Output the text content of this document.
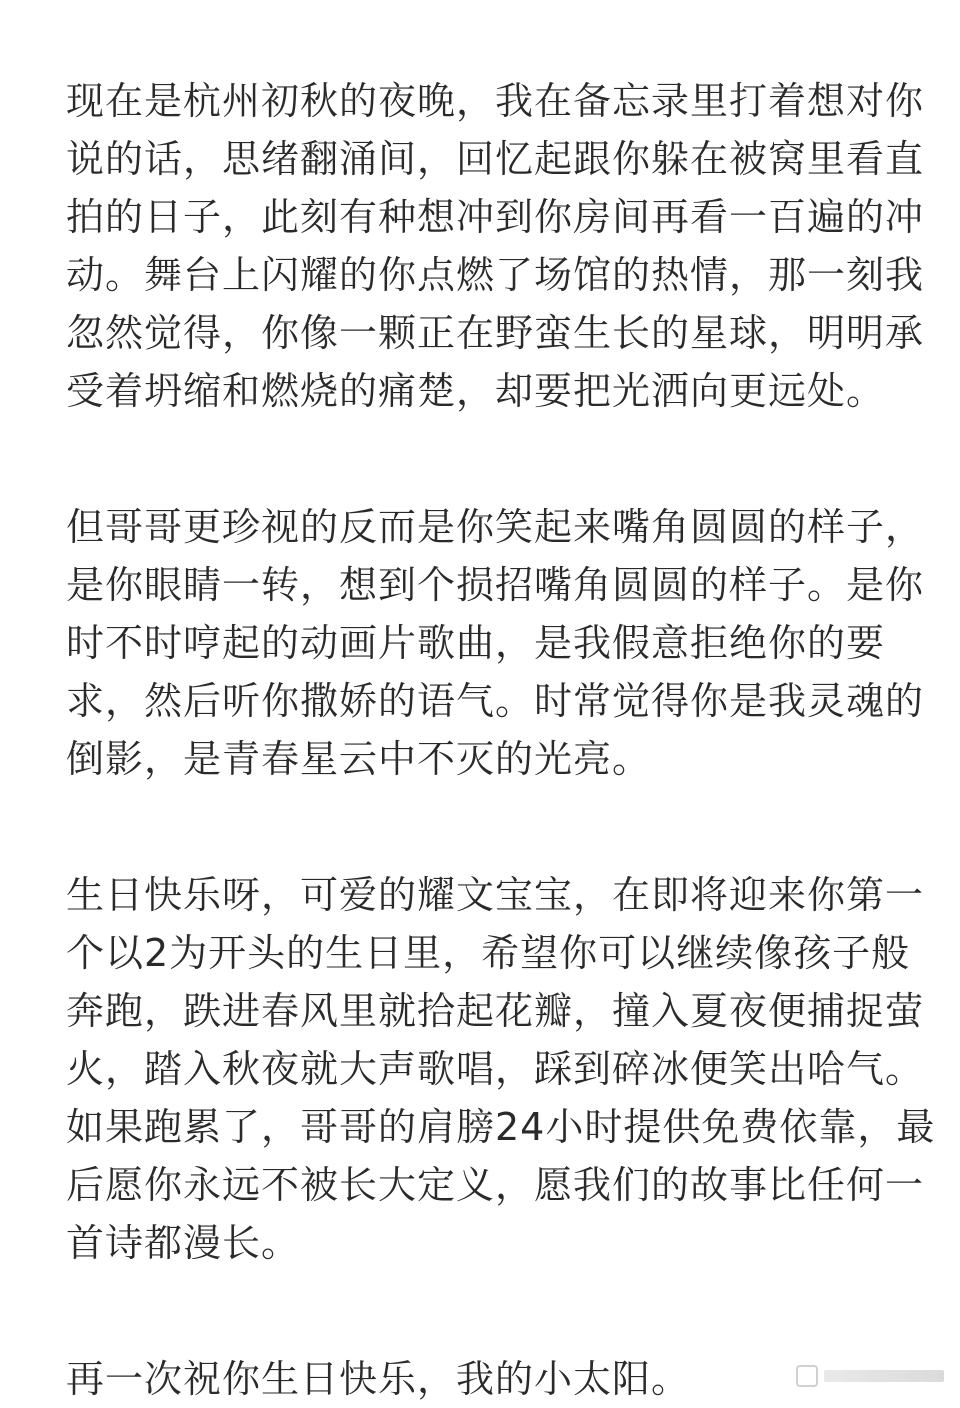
现在是杭州初秋的夜晚，我在备忘录里打着想对你
说的话，思绪翻涌间，回忆起跟你躲在被窝里看直
拍的日子，此刻有种想冲到你房间再看一百遍的冲
动。舞台上闪耀的你点燃了场馆的热情，那一刻我
忽然觉得，你像一颗正在野蛮生长的星球，明明承
受着坍缩和燃烧的痛楚，却要把光洒向更远处。

但哥哥更珍视的反而是你笑起来嘴角圆圆的样子，
是你眼睛一转，想到个损招嘴角圆圆的样子。是你
时不时哼起的动画片歌曲，是我假意拒绝你的要
求，然后听你撒娇的语气。时常觉得你是我灵魂的
倒影，是青春星云中不灭的光亮。

生日快乐呀，可爱的耀文宝宝，在即将迎来你第一
个以2为开头的生日里，希望你可以继续像孩子般
奔跑，跌进春风里就拾起花瓣，撞入夏夜便捕捉萤
火，踏入秋夜就大声歌唱，踩到碎冰便笑出哈气。
如果跑累了，哥哥的肩膀24小时提供免费依靠，最
后愿你永远不被长大定义，愿我们的故事比任何一
首诗都漫长。

再一次祝你生日快乐，我的小太阳。
